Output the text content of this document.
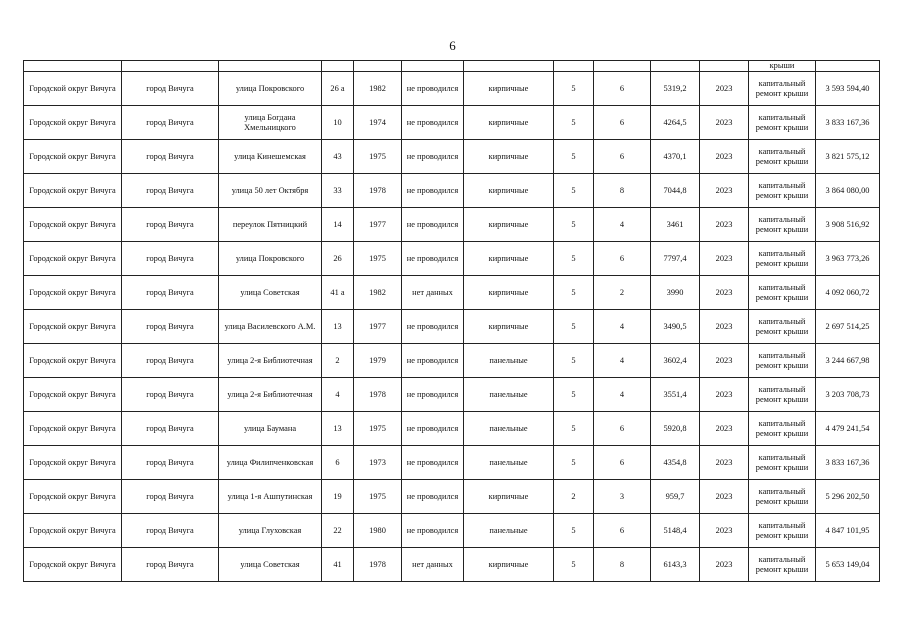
6
											крыши	
Городской округ Вичуга	город Вичуга	улица Покровского	26 а	1982	не проводился	кирпичные	5	6	5319,2	2023	капитальный ремонт крыши	3 593 594,40
Городской округ Вичуга	город Вичуга	улица Богдана Хмельницкого	10	1974	не проводился	кирпичные	5	6	4264,5	2023	капитальный ремонт крыши	3 833 167,36
Городской округ Вичуга	город Вичуга	улица Кинешемская	43	1975	не проводился	кирпичные	5	6	4370,1	2023	капитальный ремонт крыши	3 821 575,12
Городской округ Вичуга	город Вичуга	улица 50 лет Октября	33	1978	не проводился	кирпичные	5	8	7044,8	2023	капитальный ремонт крыши	3 864 080,00
Городской округ Вичуга	город Вичуга	переулок Пятницкий	14	1977	не проводился	кирпичные	5	4	3461	2023	капитальный ремонт крыши	3 908 516,92
Городской округ Вичуга	город Вичуга	улица Покровского	26	1975	не проводился	кирпичные	5	6	7797,4	2023	капитальный ремонт крыши	3 963 773,26
Городской округ Вичуга	город Вичуга	улица Советская	41 а	1982	нет данных	кирпичные	5	2	3990	2023	капитальный ремонт крыши	4 092 060,72
Городской округ Вичуга	город Вичуга	улица Василевского А.М.	13	1977	не проводился	кирпичные	5	4	3490,5	2023	капитальный ремонт крыши	2 697 514,25
Городской округ Вичуга	город Вичуга	улица 2-я Библиотечная	2	1979	не проводился	панельные	5	4	3602,4	2023	капитальный ремонт крыши	3 244 667,98
Городской округ Вичуга	город Вичуга	улица 2-я Библиотечная	4	1978	не проводился	панельные	5	4	3551,4	2023	капитальный ремонт крыши	3 203 708,73
Городской округ Вичуга	город Вичуга	улица Баумана	13	1975	не проводился	панельные	5	6	5920,8	2023	капитальный ремонт крыши	4 479 241,54
Городской округ Вичуга	город Вичуга	улица Филипченковская	6	1973	не проводился	панельные	5	6	4354,8	2023	капитальный ремонт крыши	3 833 167,36
Городской округ Вичуга	город Вичуга	улица 1-я Ашпутинская	19	1975	не проводился	кирпичные	2	3	959,7	2023	капитальный ремонт крыши	5 296 202,50
Городской округ Вичуга	город Вичуга	улица Глуховская	22	1980	не проводился	панельные	5	6	5148,4	2023	капитальный ремонт крыши	4 847 101,95
Городской округ Вичуга	город Вичуга	улица Советская	41	1978	нет данных	кирпичные	5	8	6143,3	2023	капитальный ремонт крыши	5 653 149,04
